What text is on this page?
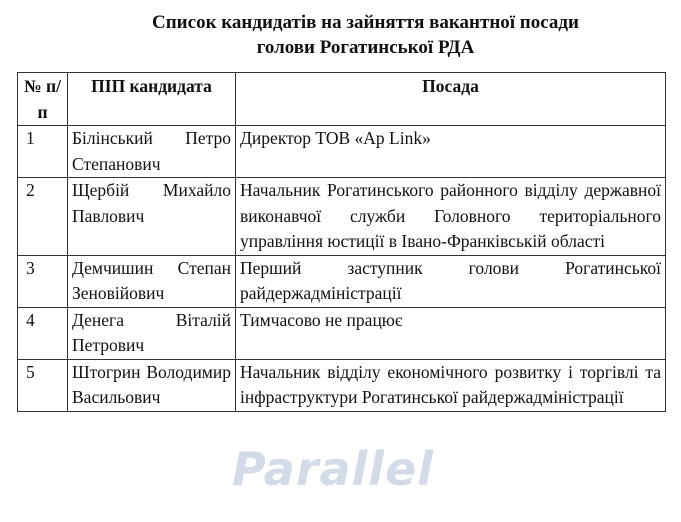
Список кандидатів на зайняття вакантної посади
голови Рогатинської РДА
№ п/п	ПІП кандидата	Посада
1	Білінський Петро Степанович	Директор ТОВ «Ap Link»
2	Щербій Михайло Павлович	Начальник Рогатинського районного відділу державної виконавчої служби Головного територіального управління юстиції в Івано-Франківській області
3	Демчишин Степан Зеновійович	Перший заступник голови Рогатинської райдержадміністрації
4	Денега Віталій Петрович	Тимчасово не працює
5	Штогрин Володимир Васильович	Начальник відділу економічного розвитку і торгівлі та інфраструктури Рогатинської райдержадміністрації
Parallel
